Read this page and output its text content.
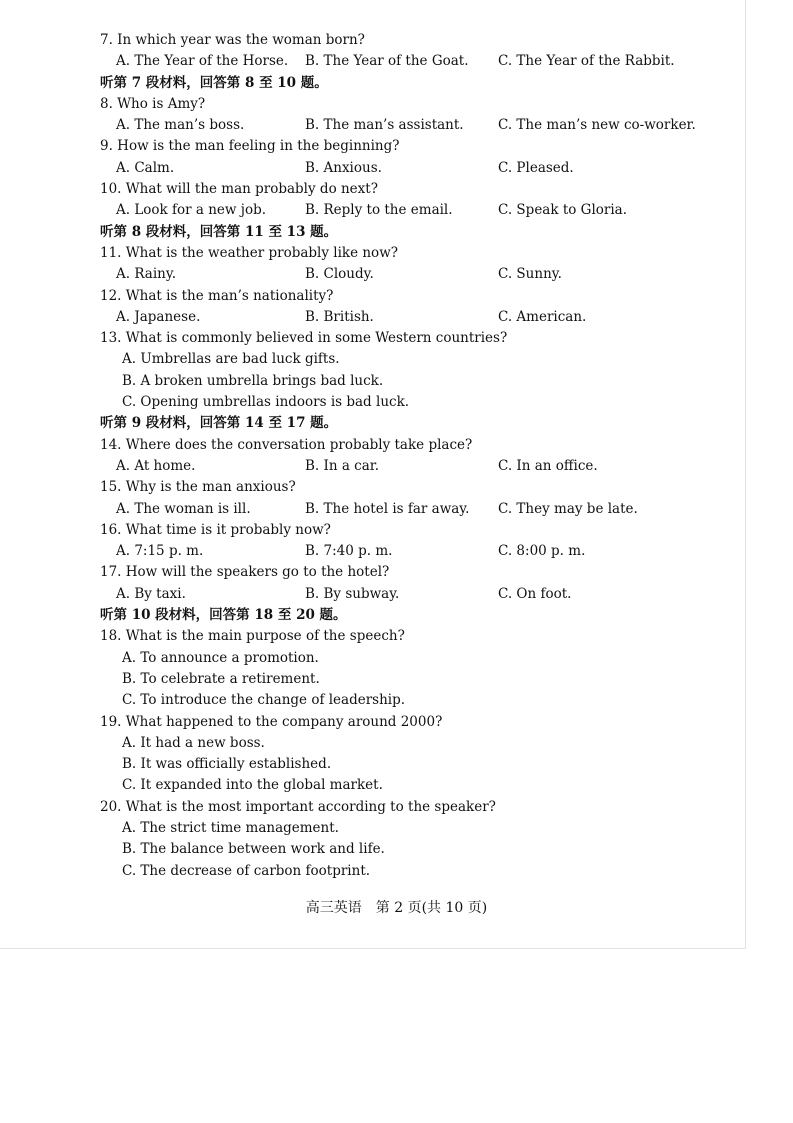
7. In which year was the woman born?
A. The Year of the Horse. B. The Year of the Goat. C. The Year of the Rabbit.
听第 7 段材料，回答第 8 至 10 题。
8. Who is Amy?
A. The man’s boss.	B. The man’s assistant.	C. The man’s new co-worker.
9. How is the man feeling in the beginning?
A. Calm.	B. Anxious.	C. Pleased.
10. What will the man probably do next?
A. Look for a new job.	B. Reply to the email.	C. Speak to Gloria.
听第 8 段材料，回答第 11 至 13 题。
11. What is the weather probably like now?
A. Rainy.	B. Cloudy.	C. Sunny.
12. What is the man’s nationality?
A. Japanese.	B. British.	C. American.
13. What is commonly believed in some Western countries?
A. Umbrellas are bad luck gifts.
B. A broken umbrella brings bad luck.
C. Opening umbrellas indoors is bad luck.
听第 9 段材料，回答第 14 至 17 题。
14. Where does the conversation probably take place?
A. At home.	B. In a car.	C. In an office.
15. Why is the man anxious?
A. The woman is ill.	B. The hotel is far away. C. They may be late.
16. What time is it probably now?
A. 7:15 p. m.	B. 7:40 p. m.	C. 8:00 p. m.
17. How will the speakers go to the hotel?
A. By taxi.	B. By subway.	C. On foot.
听第 10 段材料，回答第 18 至 20 题。
18. What is the main purpose of the speech?
A. To announce a promotion.
B. To celebrate a retirement.
C. To introduce the change of leadership.
19. What happened to the company around 2000?
A. It had a new boss.
B. It was officially established.
C. It expanded into the global market.
20. What is the most important according to the speaker?
A. The strict time management.
B. The balance between work and life.
C. The decrease of carbon footprint.
高三英语　第 2 页(共 10 页)
